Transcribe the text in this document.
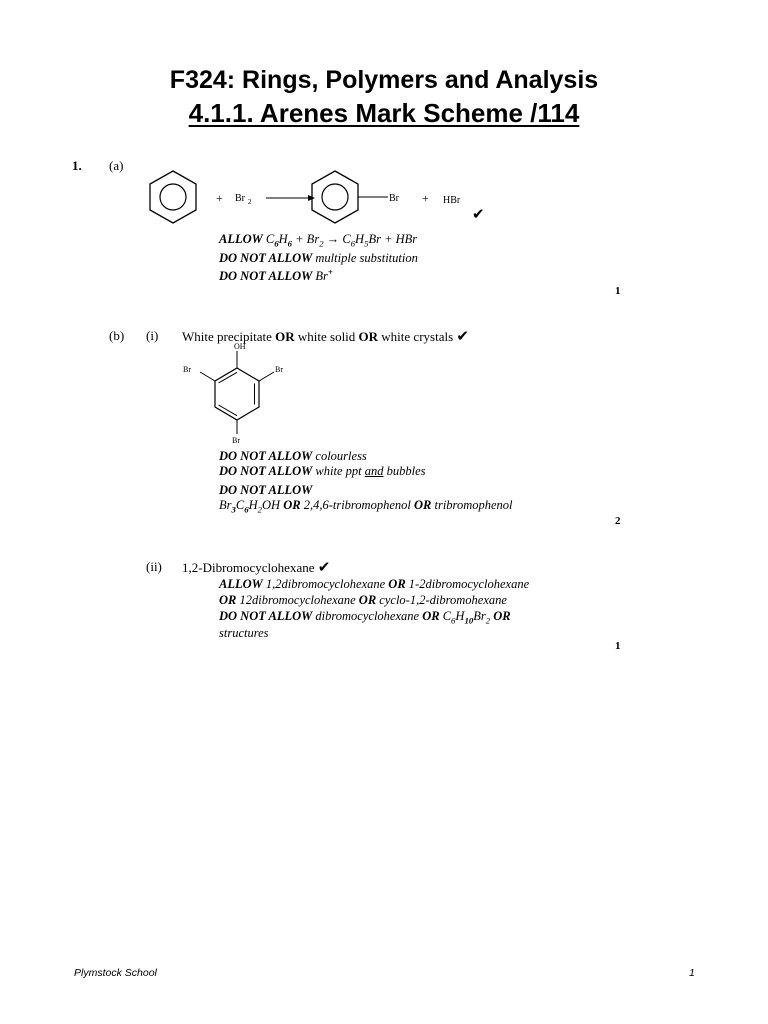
F324: Rings, Polymers and Analysis
4.1.1. Arenes Mark Scheme /114
1. (a)
+ Br 2	Br + HBr
✔
ALLOW $C_6H_6 + Br_2 \to C_6H_5Br$ + HBr
DO NOT ALLOW multiple substitution
DO NOT ALLOW Br+
1
(b) (i) White precipitate OR white solid OR white crystals ✔
OH
Br	Br
Br
DO NOT ALLOW colourless
DO NOT ALLOW white ppt and bubbles
DO NOT ALLOW
$Br_3C_6H_2OH$ OR 2,4,6-tribromophenol OR tribromophenol
2
(ii) 1,2-Dibromocyclohexane ✔
ALLOW 1,2dibromocyclohexane OR 1-2dibromocyclohexane
OR 12dibromocyclohexane OR cyclo-1,2-dibromohexane
DO NOT ALLOW dibromocyclohexane OR $C_6H_{10}Br_2$ OR
structures
1
Plymstock School	1
